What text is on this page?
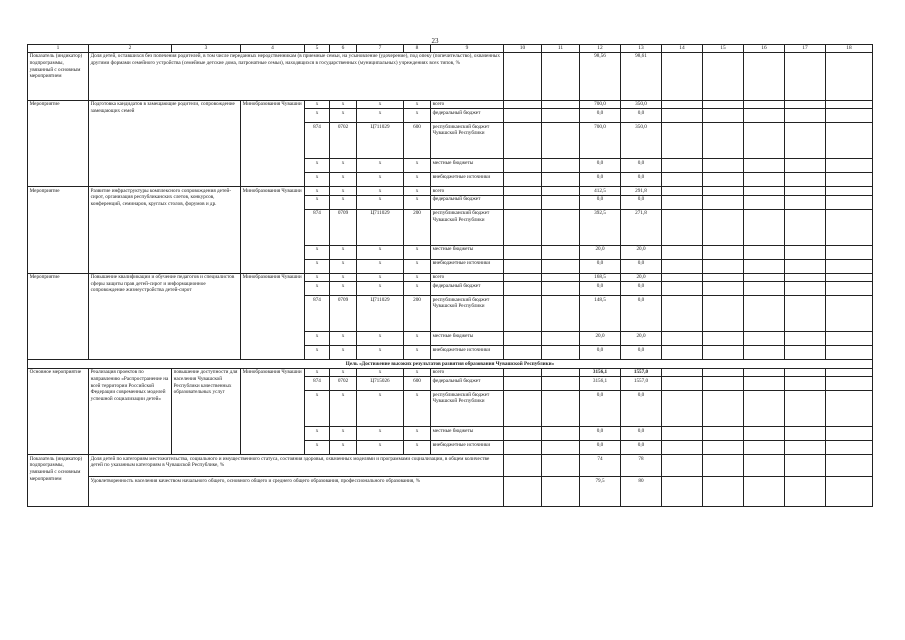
23
1	2	3	4	5	6	7	8	9	10	11	12	13	14	15	16	17	18
Показатель (индикатор) подпрограммы, увязанный с основным мероприятием	Доля детей, оставшихся без попечения родителей, в том числе переданных неродственникам (в приемные семьи, на усыновление (удочерение), под опеку (попечительство), охваченных другими формами семейного устройства (семейные детские дома, патронатные семьи), находящихся в государственных (муниципальных) учреждениях всех типов, %										98,56	98,61					
Мероприятие	Подготовка кандидатов в замещающие родители, сопровождение замещающих семей		Минобразования Чувашии	x	x	x	x	всего			700,0	350,0					
				x	x	x	x	федеральный бюджет			0,0	0,0					
				874	0702	Ц711029	600	республиканский бюджет Чувашской Республики			700,0	350,0					
				x	x	x	x	местные бюджеты			0,0	0,0					
				x	x	x	x	внебюджетные источники			0,0	0,0					
Мероприятие	Развитие инфраструктуры комплексного сопровождения детей-сирот, организация республиканских слетов, конкурсов, конференций, семинаров, круглых столов, форумов и др.		Минобразования Чувашии	x	x	x	x	всего			412,5	291,8					
				x	x	x	x	федеральный бюджет			0,0	0,0					
				874	0709	Ц711029	200	республиканский бюджет Чувашской Республики			392,5	271,8					
				x	x	x	x	местные бюджеты			20,0	20,0					
				x	x	x	x	внебюджетные источники			0,0	0,0					
Мероприятие	Повышение квалификации и обучение педагогов и специалистов сферы защиты прав детей-сирот и информационное сопровождение жизнеустройства детей-сирот		Минобразования Чувашии	x	x	x	x	всего			168,5	20,0					
				x	x	x	x	федеральный бюджет			0,0	0,0					
				874	0709	Ц711029	200	республиканский бюджет Чувашской Республики			148,5	0,0					
				x	x	x	x	местные бюджеты			20,0	20,0					
				x	x	x	x	внебюджетные источники			0,0	0,0					
Цель «Достижение высоких результатов развития образования Чувашской Республики»																	
Основное мероприятие	Реализация проектов по направлению «Распространение на всей территории Российской Федерации современных моделей успешной социализации детей»	повышение доступности для населения Чувашской Республики качественных образовательных услуг	Минобразования Чувашии	x	x	x	x	всего			3156,1	1557,0					
				874	0702	Ц715026	600	федеральный бюджет			3156,1	1557,0					
				x	x	x	x	республиканский бюджет Чувашской Республики			0,0	0,0					
				x	x	x	x	местные бюджеты			0,0	0,0					
				x	x	x	x	внебюджетные источники			0,0	0,0					
Показатель (индикатор) подпрограммы, увязанный с основным мероприятием	Доля детей по категориям местожительства, социального и имущественного статуса, состояния здоровья, охваченных моделями и программами социализации, в общем количестве детей по указанным категориям в Чувашской Республике, %										74	78					
	Удовлетворенность населения качеством начального общего, основного общего и среднего общего образования, профессионального образования, %										79,5	80					
